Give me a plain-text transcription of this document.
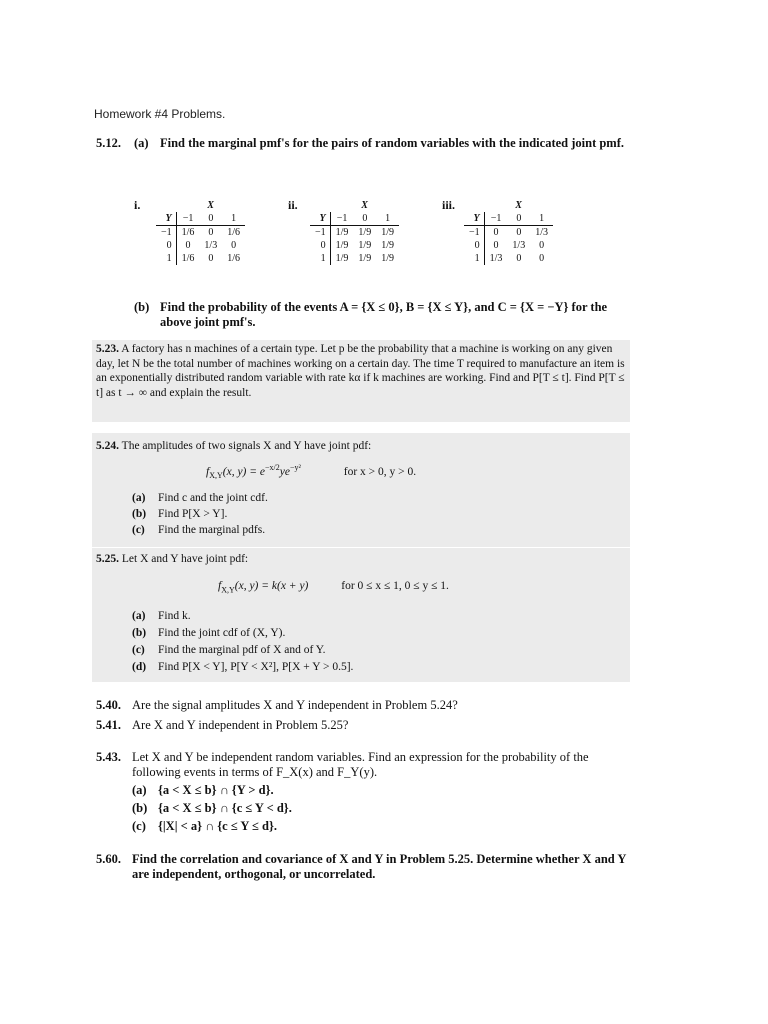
Homework #4 Problems.
5.12.	(a) Find the marginal pmf's for the pairs of random variables with the indicated joint pmf.
i.
		X		
Y	−1	0	1
−1	1/6	0	1/6
0	0	1/3	0
1	1/6	0	1/6
ii.
		X		
Y	−1	0	1
−1	1/9	1/9	1/9
0	1/9	1/9	1/9
1	1/9	1/9	1/9
iii.
		X		
Y	−1	0	1
−1	0	0	1/3
0	0	1/3	0
1	1/3	0	0
(b) Find the probability of the events A = {X ≤ 0}, B = {X ≤ Y}, and C = {X = −Y} for the above joint pmf's.
5.23. A factory has n machines of a certain type. Let p be the probability that a machine is working on any given day, let N be the total number of machines working on a certain day. The time T required to manufacture an item is an exponentially distributed random variable with rate kα if k machines are working. Find and P[T ≤ t]. Find P[T ≤ t] as t → ∞ and explain the result.
5.24. The amplitudes of two signals X and Y have joint pdf:
$f_{X,Y}(x$, $y) = e^{-x/2}ye^{-y^2}$	for x > 0, y > 0.
(a)	Find c and the joint cdf.
(b)	Find P[X > Y].
(c)	Find the marginal pdfs.
5.25. Let X and Y have joint pdf:
$f_{X,Y}(x$, y) = k(x + y)	for 0 ≤ x ≤ 1, 0 ≤ y ≤ 1.
(a)	Find k.
(b)	Find the joint cdf of (X, Y).
(c)	Find the marginal pdf of X and of Y.
(d)	Find P[X < Y], P[Y < X²], P[X + Y > 0.5].
5.40. Are the signal amplitudes X and Y independent in Problem 5.24?
5.41. Are X and Y independent in Problem 5.25?
5.43. Let X and Y be independent random variables. Find an expression for the probability of the following events in terms of F_X(x) and F_Y(y).
(a) {a < X ≤ b} ∩ {Y > d}.
(b) {a < X ≤ b} ∩ {c ≤ Y < d}.
(c) {|X| < a} ∩ {c ≤ Y ≤ d}.
5.60. Find the correlation and covariance of X and Y in Problem 5.25. Determine whether X and Y are independent, orthogonal, or uncorrelated.
